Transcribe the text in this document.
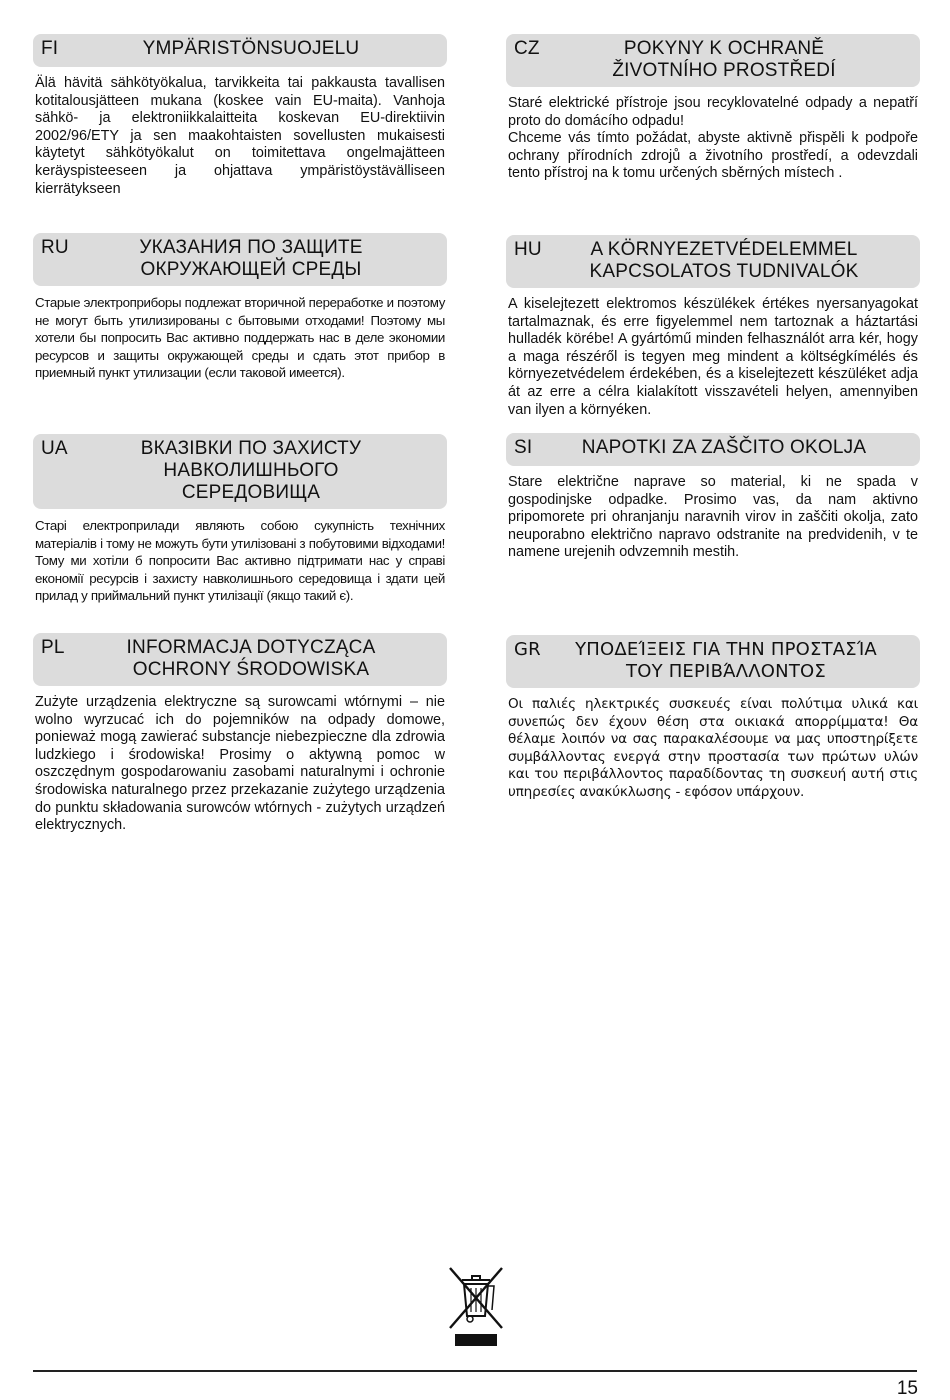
FI	YMPÄRISTÖNSUOJELU
Älä hävitä sähkötyökalua, tarvikkeita tai pakkausta tavallisen kotitalousjätteen mukana (koskee vain EU-maita). Vanhoja sähkö- ja elektroniikkalaitteita koskevan EU-direktiivin 2002/96/ETY ja sen maakohtaisten sovellusten mukaisesti käytetyt sähkötyökalut on toimitettava ongelmajätteen keräyspisteeseen ja ohjattava ympäristöystävälliseen kierrätykseen
CZ	POKYNY K OCHRANĚ
ŽIVOTNÍHO PROSTŘEDÍ
Staré elektrické přístroje jsou recyklovatelné odpady a nepatří proto do domácího odpadu!
Chceme vás tímto požádat, abyste aktivně přispěli k podpoře ochrany přírodních zdrojů a životního prostředí, a odevzdali tento přístroj na k tomu určených sběrných místech .
RU	УКАЗАНИЯ ПО ЗАЩИТЕ
ОКРУЖАЮЩЕЙ СРЕДЫ
Старые электроприборы подлежат вторичной переработке и поэтому не могут быть утилизированы с бытовыми отходами! Поэтому мы хотели бы попросить Вас активно поддержать нас в деле экономии ресурсов и защиты окружающей среды и сдать этот прибор в приемный пункт утилизации (если таковой имеется).
HU	A KÖRNYEZETVÉDELEMMEL
KAPCSOLATOS TUDNIVALÓK
A kiselejtezett elektromos készülékek értékes nyersanyagokat tartalmaznak, és erre figyelemmel nem tartoznak a háztartási hulladék körébe! A gyártómű minden felhasználót arra kér, hogy a maga részéről is tegyen meg mindent a költségkímélés és környezetvédelem érdekében, és a kiselejtezett készüléket adja át az erre a célra kialakított visszavételi helyen, amennyiben van ilyen a környéken.
UA	ВКАЗІВКИ ПО ЗАХИСТУ
НАВКОЛИШНЬОГО СЕРЕДОВИЩА
Старі електроприлади являють собою сукупність технічних матеріалів і тому не можуть бути утилізовані з побутовими відходами! Тому ми хотіли б попросити Вас активно підтримати нас у справі економії ресурсів і захисту навколишнього середовища і здати цей прилад у приймальний пункт утилізації (якщо такий є).
SI	NAPOTKI ZA ZAŠČITO OKOLJA
Stare električne naprave so material, ki ne spada v gospodinjske odpadke. Prosimo vas, da nam aktivno pripomorete pri ohranjanju naravnih virov in zaščiti okolja, zato neuporabno električno napravo odstranite na predvidenih, v te namene urejenih odvzemnih mestih.
PL	INFORMACJA DOTYCZĄCA
OCHRONY ŚRODOWISKA
Zużyte urządzenia elektryczne są surowcami wtórnymi – nie wolno wyrzucać ich do pojemników na odpady domowe, ponieważ mogą zawierać substancje niebezpieczne dla zdrowia ludzkiego i środowiska! Prosimy o aktywną pomoc w oszczędnym gospodarowaniu zasobami naturalnymi i ochronie środowiska naturalnego przez przekazanie zużytego urządzenia do punktu składowania surowców wtórnych - zużytych urządzeń elektrycznych.
GR	ΥΠΟΔΕΊΞΕΙΣ ΓΙΑ ΤΗΝ ΠΡΟΣΤΑΣΊΑ
ΤΟΥ ΠΕΡΙΒΆΛΛΟΝΤΟΣ
Οι παλιές ηλεκτρικές συσκευές είναι πολύτιμα υλικά και συνεπώς δεν έχουν θέση στα οικιακά απορρίμματα! Θα θέλαμε λοιπόν να σας παρακαλέσουμε να μας υποστηρίξετε συμβάλλοντας ενεργά στην προστασία των πρώτων υλών και του περιβάλλοντος παραδίδοντας τη συσκευή αυτή στις υπηρεσίες ανακύκλωσης - εφόσον υπάρχουν.
15
